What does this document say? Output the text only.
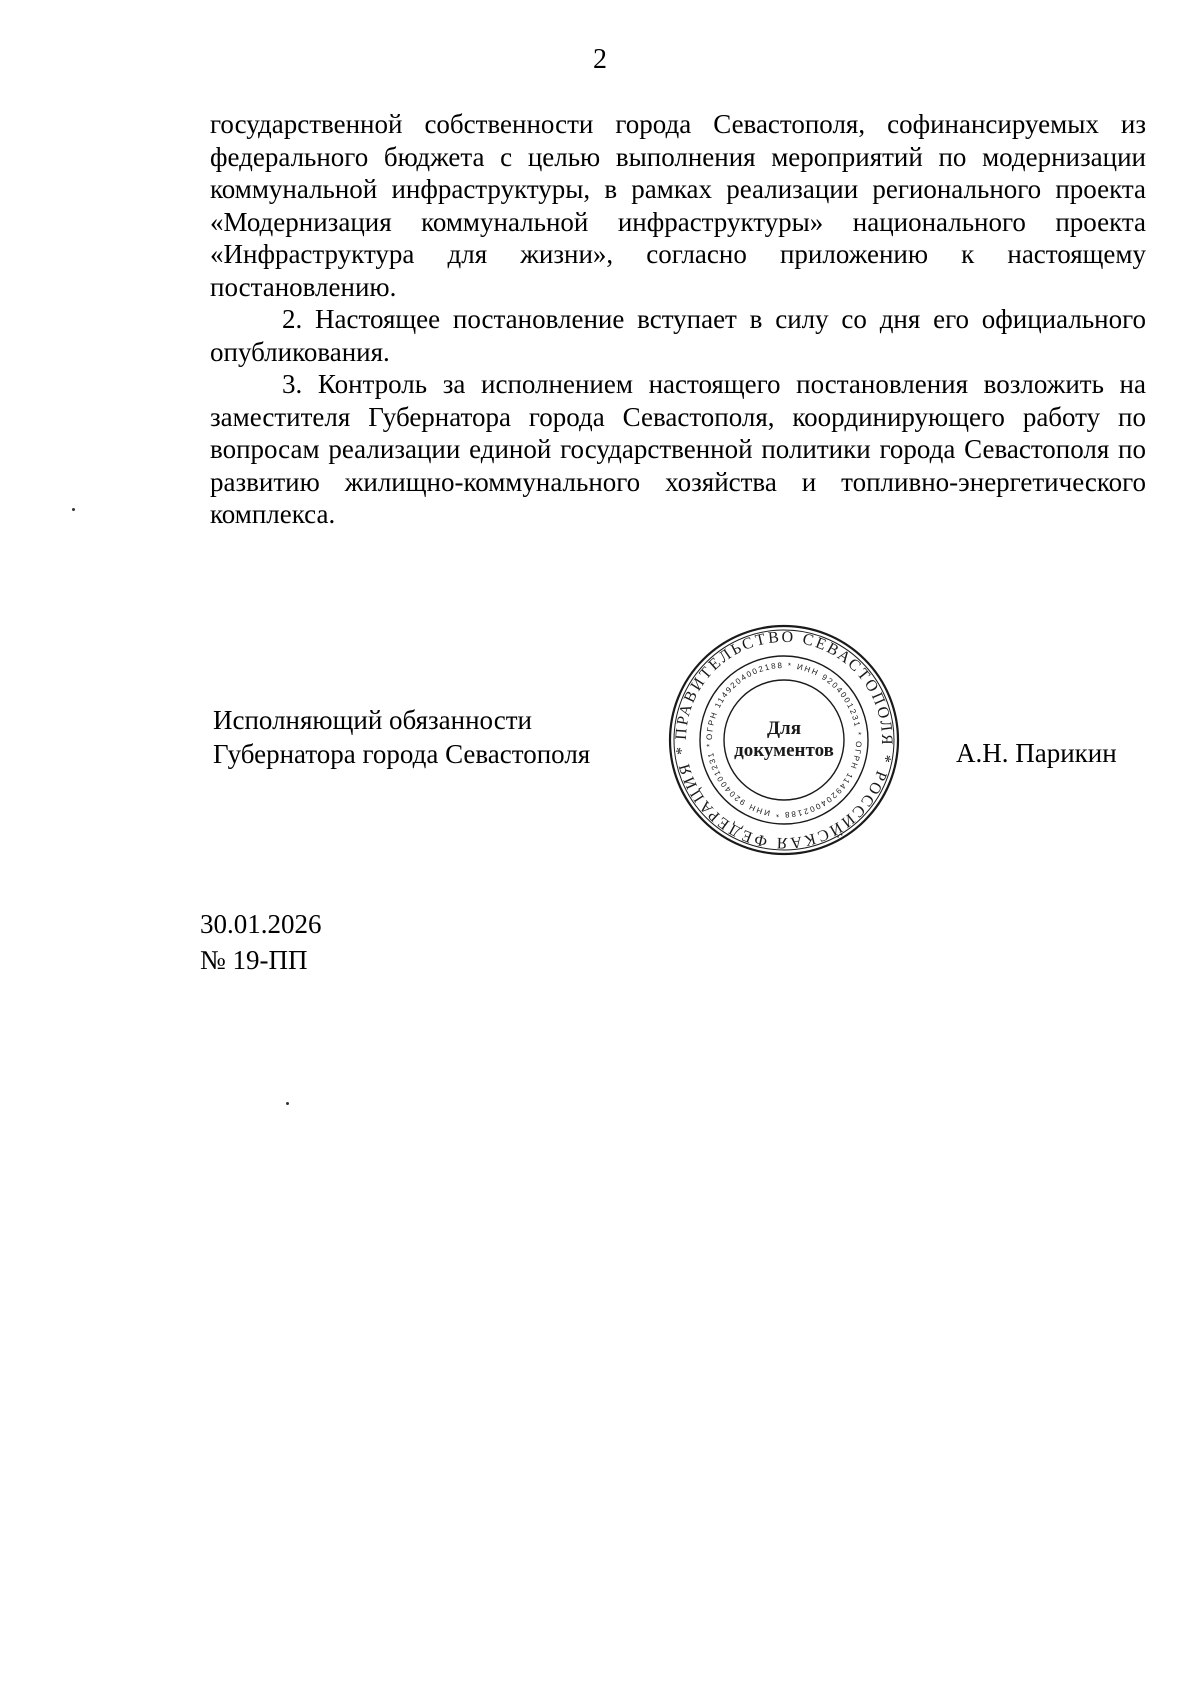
2

государственной собственности города Севастополя, софинансируемых из федерального бюджета с целью выполнения мероприятий по модернизации коммунальной инфраструктуры, в рамках реализации регионального проекта «Модернизация коммунальной инфраструктуры» национального проекта «Инфраструктура для жизни», согласно приложению к настоящему постановлению.

2. Настоящее постановление вступает в силу со дня его официального опубликования.

3. Контроль за исполнением настоящего постановления возложить на заместителя Губернатора города Севастополя, координирующего работу по вопросам реализации единой государственной политики города Севастополя по развитию жилищно-коммунального хозяйства и топливно-энергетического комплекса.

Исполняющий обязанности
Губернатора города Севастополя
ПРАВИТЕЛЬСТВО СЕВАСТОПОЛЯ * РОССИЙСКАЯ ФЕДЕРАЦИЯ *
ОГРН 1149204002188 * ИНН 9204001231 * ОГРН 1149204002188 * ИНН 9204001231 *
Для
документов	А.Н. Парикин
30.01.2026
№ 19-ПП
